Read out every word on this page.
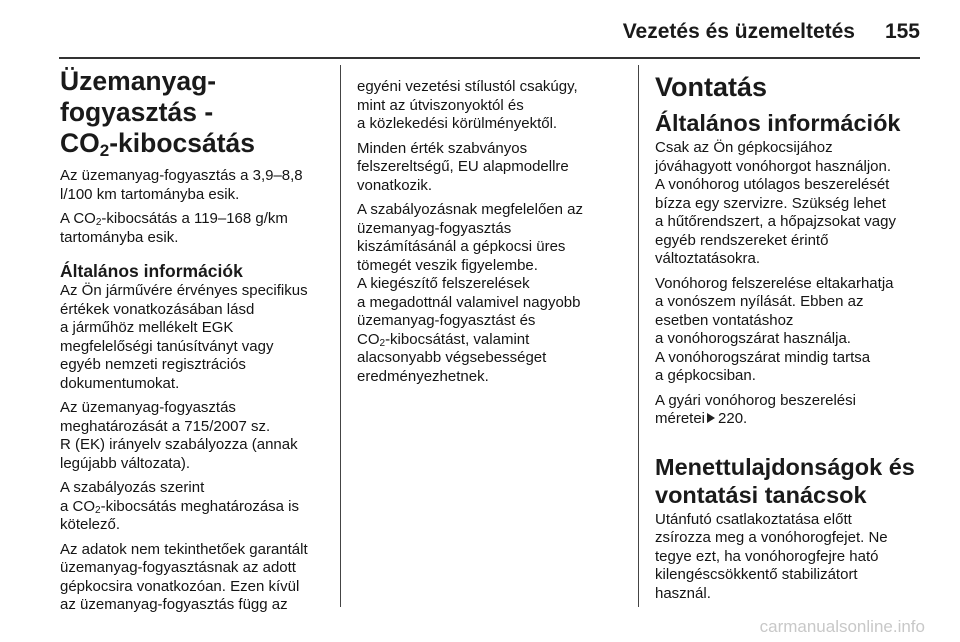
Vezetés és üzemeltetés	155
Üzemanyag-fogyasztás -
$CO_2$-kibocsátás
Az üzemanyag-fogyasztás a 3,9–8,8
l/100 km tartományba esik.
A $CO_2$-kibocsátás a 119–168 g/km
tartományba esik.
Általános információk
Az Ön járművére érvényes specifikus
értékek vonatkozásában lásd
a járműhöz mellékelt EGK
megfelelőségi tanúsítványt vagy
egyéb nemzeti regisztrációs
dokumentumokat.
Az üzemanyag-fogyasztás
meghatározását a 715/2007 sz.
R (EK) irányelv szabályozza (annak
legújabb változata).
A szabályozás szerint
a $CO_2$-kibocsátás meghatározása is
kötelező.
Az adatok nem tekinthetőek garantált
üzemanyag-fogyasztásnak az adott
gépkocsira vonatkozóan. Ezen kívül
az üzemanyag-fogyasztás függ az
egyéni vezetési stílustól csakúgy,
mint az útviszonyoktól és
a közlekedési körülményektől.
Minden érték szabványos
felszereltségű, EU alapmodellre
vonatkozik.
A szabályozásnak megfelelően az
üzemanyag-fogyasztás
kiszámításánál a gépkocsi üres
tömegét veszik figyelembe.
A kiegészítő felszerelések
a megadottnál valamivel nagyobb
üzemanyag-fogyasztást és
$CO_2$-kibocsátást, valamint
alacsonyabb végsebességet
eredményezhetnek.
Vontatás
Általános információk
Csak az Ön gépkocsijához
jóváhagyott vonóhorgot használjon.
A vonóhorog utólagos beszerelését
bízza egy szervizre. Szükség lehet
a hűtőrendszert, a hőpajzsokat vagy
egyéb rendszereket érintő
változtatásokra.
Vonóhorog felszerelése eltakarhatja
a vonószem nyílását. Ebben az
esetben vontatáshoz
a vonóhorogszárat használja.
A vonóhorogszárat mindig tartsa
a gépkocsiban.
A gyári vonóhorog beszerelési
méretei 220.
Menettulajdonságok és
vontatási tanácsok
Utánfutó csatlakoztatása előtt
zsírozza meg a vonóhorogfejet. Ne
tegye ezt, ha vonóhorogfejre ható
kilengéscsökkentő stabilizátort
használ.
carmanualsonline.info
